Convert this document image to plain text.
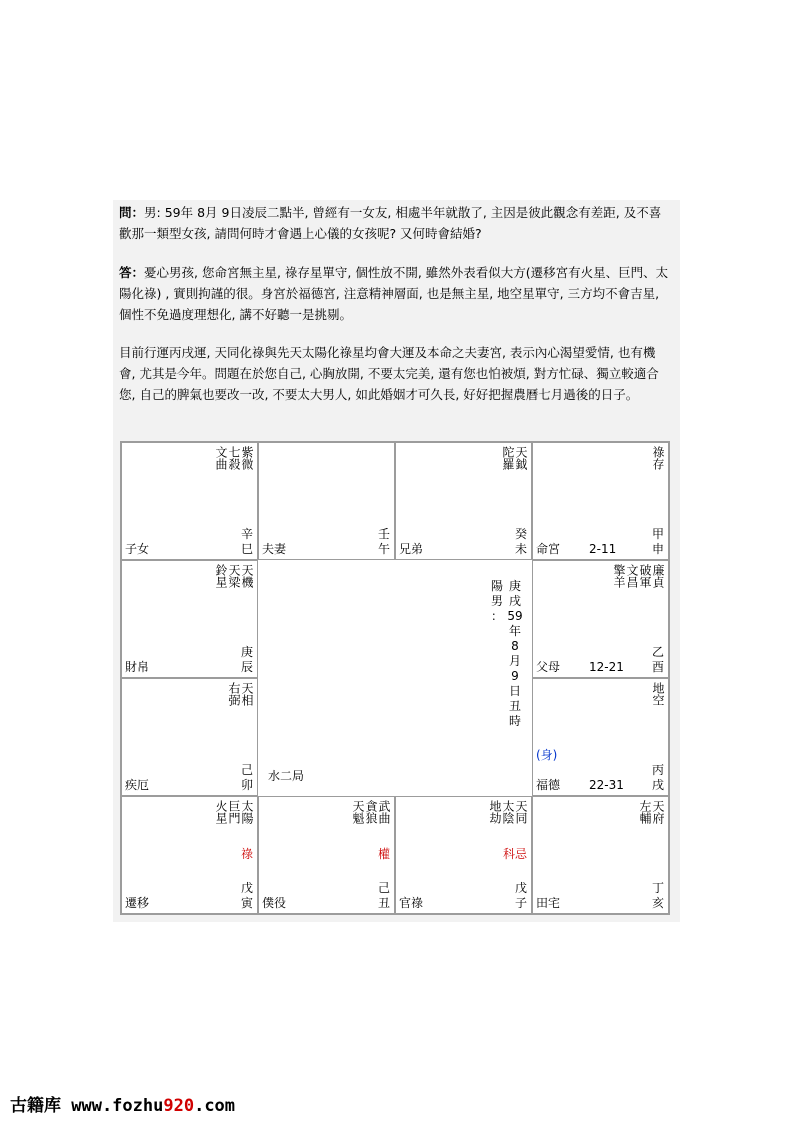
問：男: 59年 8月 9日凌辰二點半, 曾經有一女友, 相處半年就散了, 主因是彼此觀念有差距, 及不喜歡那一類型女孩, 請問何時才會遇上心儀的女孩呢? 又何時會結婚?
答：憂心男孩, 您命宮無主星, 祿存星單守, 個性放不開, 雖然外表看似大方(遷移宮有火星、巨門、太陽化祿) , 實則拘謹的很。身宮於福德宮, 注意精神層面, 也是無主星, 地空星單守, 三方均不會吉星, 個性不免過度理想化, 講不好聽一是挑剔。
目前行運丙戌運, 天同化祿與先天太陽化祿星均會大運及本命之夫妻宮, 表示內心渴望愛情, 也有機會, 尤其是今年。問題在於您自己, 心胸放開, 不要太完美, 還有您也怕被煩, 對方忙碌、獨立較適合您, 自己的脾氣也要改一改, 不要太大男人, 如此婚姻才可久長, 好好把握農曆七月過後的日子。
陽
男
：
庚
戌
59
年
8
月
9
日
丑
時
水二局
紫微
七殺
文曲
辛
巳
子女
壬
午
夫妻
天鉞
陀羅
癸
未
兄弟
祿存
甲
申
命宮 2-11
天機
天梁
鈴星
庚
辰
財帛
廉貞
破軍
文昌
擎羊
乙
酉
父母 12-21
天相
右弼
己
卯
疾厄
地空
(身)
丙
戌
福德 22-31
太陽
巨門
火星
祿
戊
寅
遷移
武曲
貪狼
天魁
權
己
丑
僕役
天同
太陰
地劫
科忌
戊
子
官祿
天府
左輔
丁
亥
田宅
古籍库 www.fozhu920.com
